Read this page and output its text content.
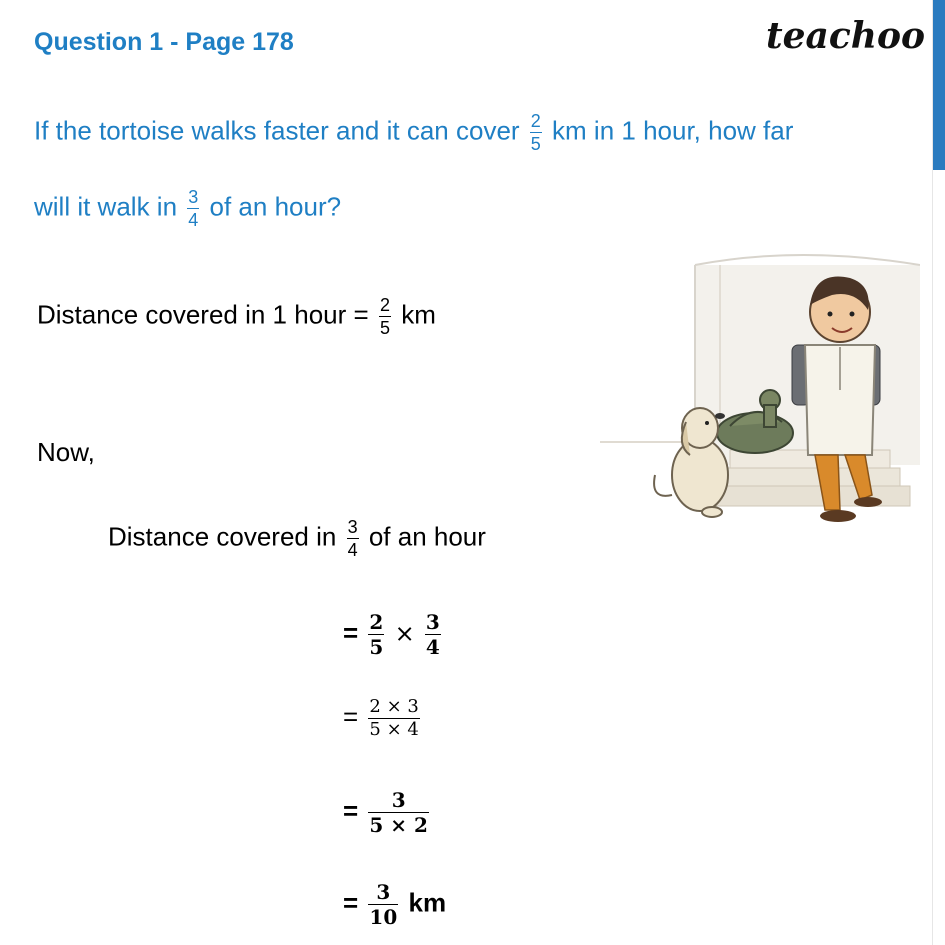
Question 1 - Page 178	teachoo
If the tortoise walks faster and it can cover $\frac{2}{5}$ km in 1 hour, how far
will it walk in $\frac{3}{4}$ of an hour?
Distance covered in 1 hour = $\frac{2}{5}$ km
Now,
Distance covered in $\frac{3}{4}$ of an hour
= $\frac{2}{5} \times \frac{3}{4}$
= $\frac{2 \times 3}{5 \times 4}$
= $\frac{3}{5 \times 2}$
= $\frac{3}{10}$ km
